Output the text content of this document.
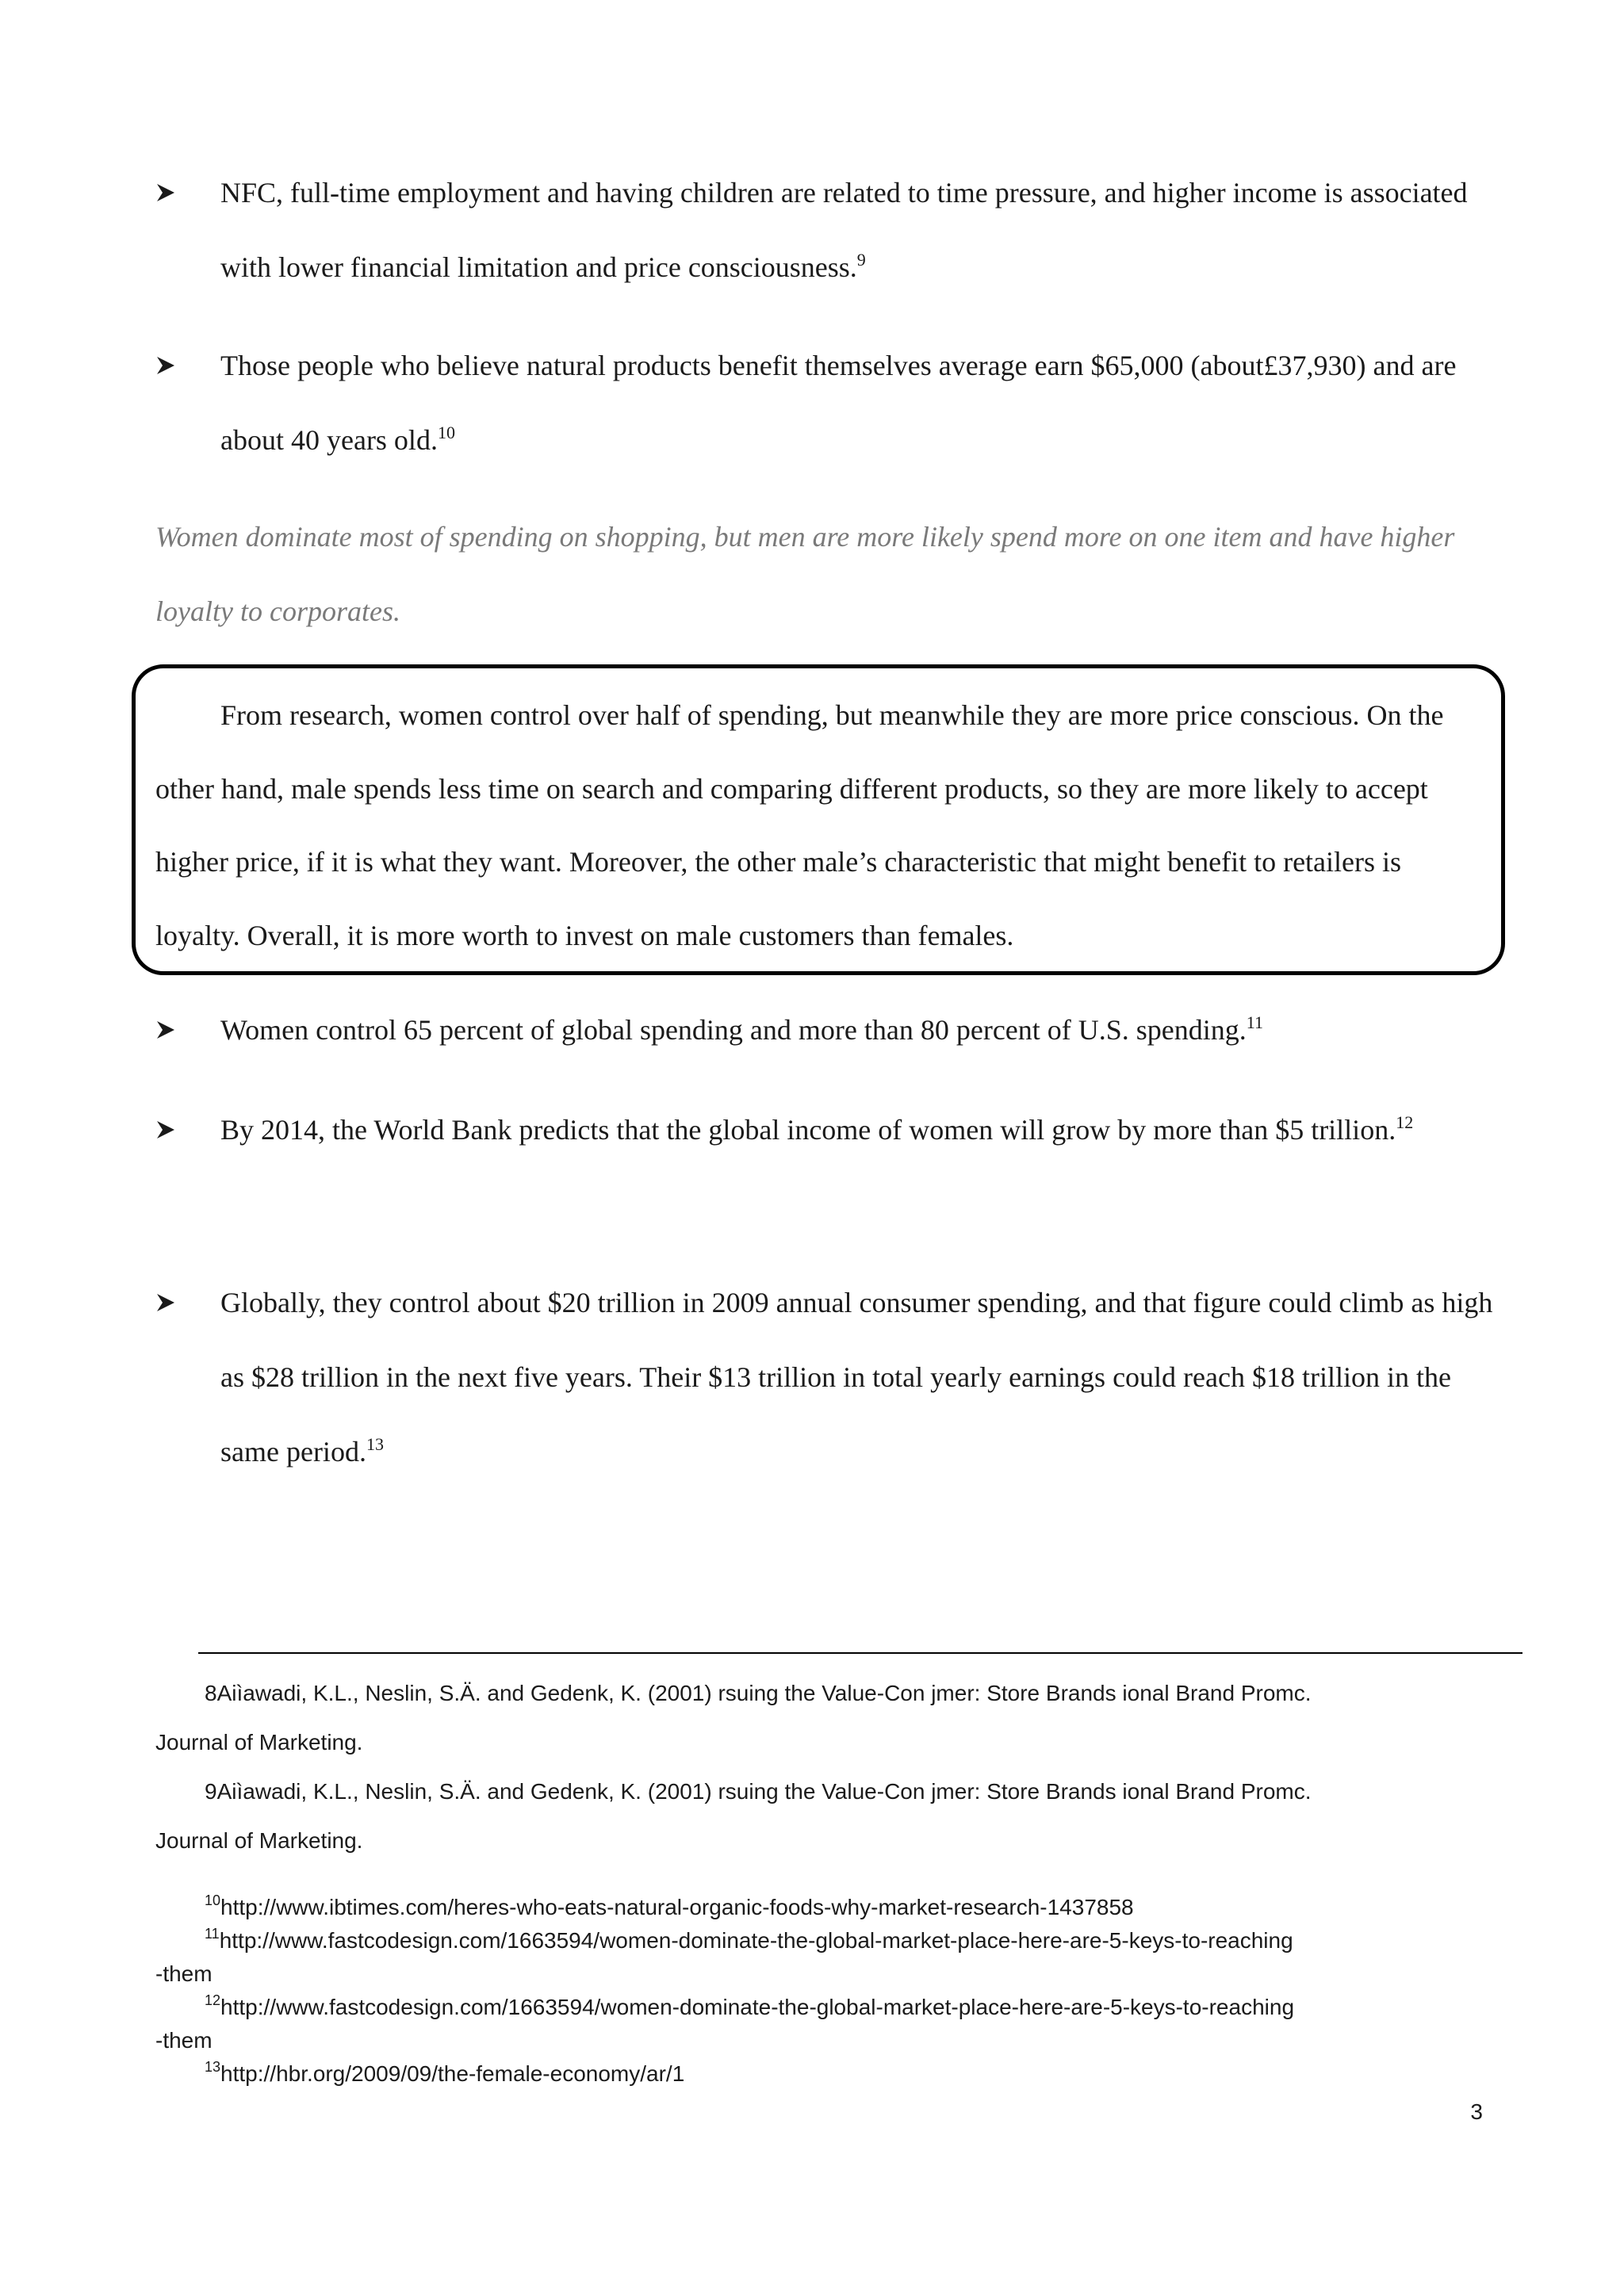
NFC, full-time employment and having children are related to time pressure, and higher income is associated with lower financial limitation and price consciousness.$^9$

Those people who believe natural products benefit themselves average earn $65,000 (about£37,930) and are about 40 years old.$^{10}$

Women dominate most of spending on shopping, but men are more likely spend more on one item and have higher loyalty to corporates.

From research, women control over half of spending, but meanwhile they are more price conscious. On the other hand, male spends less time on search and comparing different products, so they are more likely to accept higher price, if it is what they want. Moreover, the other male’s characteristic that might benefit to retailers is loyalty. Overall, it is more worth to invest on male customers than females.

Women control 65 percent of global spending and more than 80 percent of U.S. spending.$^{11}$

By 2014, the World Bank predicts that the global income of women will grow by more than $5 trillion.$^{12}$

Globally, they control about $20 trillion in 2009 annual consumer spending, and that figure could climb as high as $28 trillion in the next five years. Their $13 trillion in total yearly earnings could reach $18 trillion in the same period.$^{13}$

8Aiìawadi, K.L., Neslin, S.Ä. and Gedenk, K. (2001) rsuing the Value-Con jmer: Store Brands ional Brand Promc.

Journal of Marketing.

9Aiìawadi, K.L., Neslin, S.Ä. and Gedenk, K. (2001) rsuing the Value-Con jmer: Store Brands ional Brand Promc.

Journal of Marketing.

$^{10}$http://www.ibtimes.com/heres-who-eats-natural-organic-foods-why-market-research-1437858

$^{11}$http://www.fastcodesign.com/1663594/women-dominate-the-global-market-place-here-are-5-keys-to-reaching

-them

$^{12}$http://www.fastcodesign.com/1663594/women-dominate-the-global-market-place-here-are-5-keys-to-reaching

-them

$^{13}$http://hbr.org/2009/09/the-female-economy/ar/1

3
